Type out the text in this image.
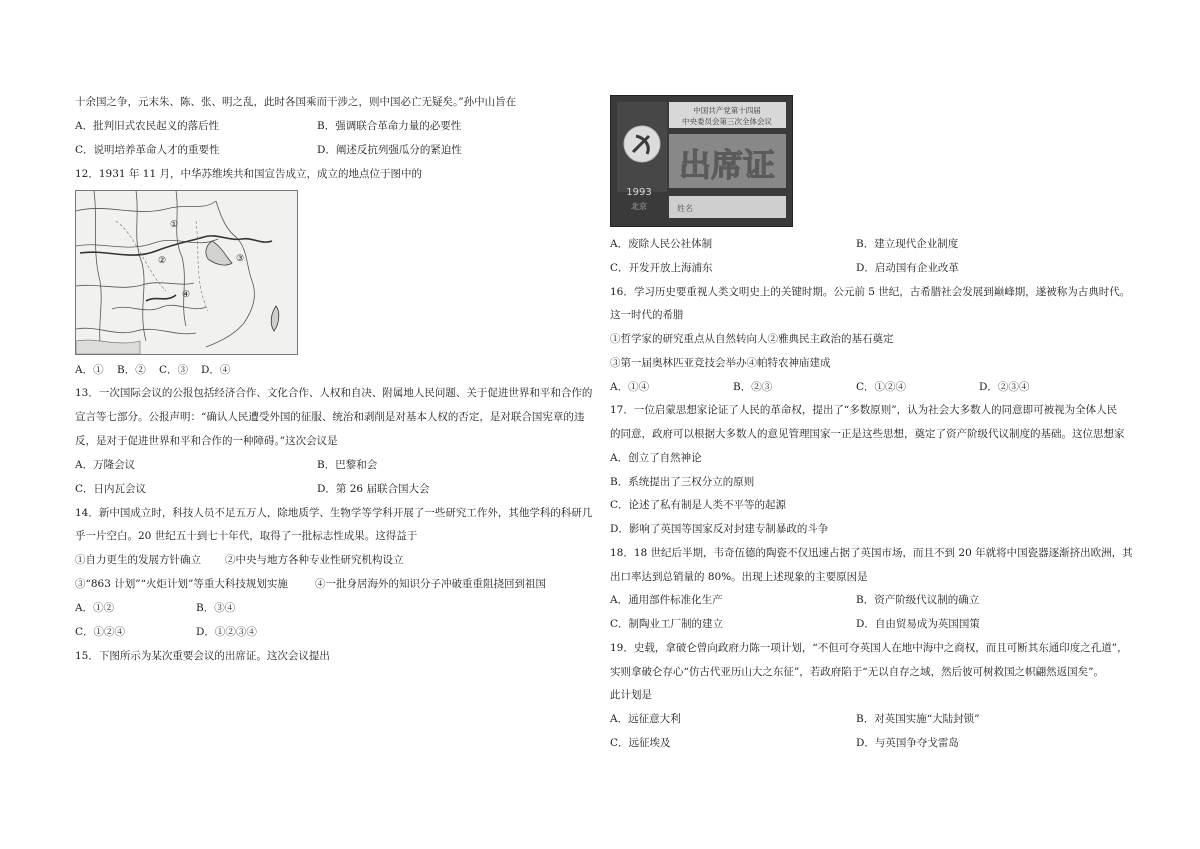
十余国之争，元末朱、陈、张、明之乱，此时各国乘而干涉之，则中国必亡无疑矣。”孙中山旨在
A．批判旧式农民起义的落后性	B．强调联合革命力量的必要性
C．说明培养革命人才的重要性	D．阐述反抗列强瓜分的紧迫性
12．1931 年 11 月，中华苏维埃共和国宣告成立，成立的地点位于图中的
A．① B．② C．③ D．④
13．一次国际会议的公报包括经济合作、文化合作、人权和自决、附属地人民问题、关于促进世界和平和合作的
宣言等七部分。公报声明：“确认人民遭受外国的征服、统治和剥削是对基本人权的否定，是对联合国宪章的违
反，是对于促进世界和平和合作的一种障碍。”这次会议是
A．万隆会议	B．巴黎和会
C．日内瓦会议	D．第 26 届联合国大会
14．新中国成立时，科技人员不足五万人，除地质学、生物学等学科开展了一些研究工作外，其他学科的科研几
乎一片空白。20 世纪五十到七十年代，取得了一批标志性成果。这得益于
①自力更生的发展方针确立 ②中央与地方各种专业性研究机构设立
③“863 计划”“火炬计划”等重大科技规划实施	④一批身居海外的知识分子冲破重重阻挠回到祖国
A．①②	B．③④
C．①②④	D．①②③④
15．下图所示为某次重要会议的出席证。这次会议提出
①
②	③
④
中国共产党第十四届
中央委员会第三次全体会议
出席证
1993
北京	姓名
A．废除人民公社体制	B．建立现代企业制度
C．开发开放上海浦东	D．启动国有企业改革
16．学习历史要重视人类文明史上的关键时期。公元前 5 世纪，古希腊社会发展到巅峰期，遂被称为古典时代。
这一时代的希腊
①哲学家的研究重点从自然转向人②雅典民主政治的基石奠定
③第一届奥林匹亚竞技会举办④帕特农神庙建成
A．①④	B．②③	C．①②④	D．②③④
17．一位启蒙思想家论证了人民的革命权，提出了“多数原则”，认为社会大多数人的同意即可被视为全体人民
的同意，政府可以根据大多数人的意见管理国家一正是这些思想，奠定了资产阶级代议制度的基础。这位思想家
A．创立了自然神论
B．系统提出了三权分立的原则
C．论述了私有制是人类不平等的起源
D．影响了英国等国家反对封建专制暴政的斗争
18．18 世纪后半期，韦奇伍德的陶瓷不仅迅速占据了英国市场，而且不到 20 年就将中国瓷器逐渐挤出欧洲，其
出口率达到总销量的 80%。出现上述现象的主要原因是
A．通用部件标准化生产	B．资产阶级代议制的确立
C．制陶业工厂制的建立	D．自由贸易成为英国国策
19．史载，拿破仑曾向政府力陈一项计划，“不但可夺英国人在地中海中之商权，而且可断其东通印度之孔道”，
实则拿破仑存心“仿古代亚历山大之东征”，若政府陷于“无以自存之域，然后彼可树救国之帜翩然返国矣”。
此计划是
A．远征意大利	B．对英国实施“大陆封锁”
C．远征埃及	D．与英国争夺戈雷岛
